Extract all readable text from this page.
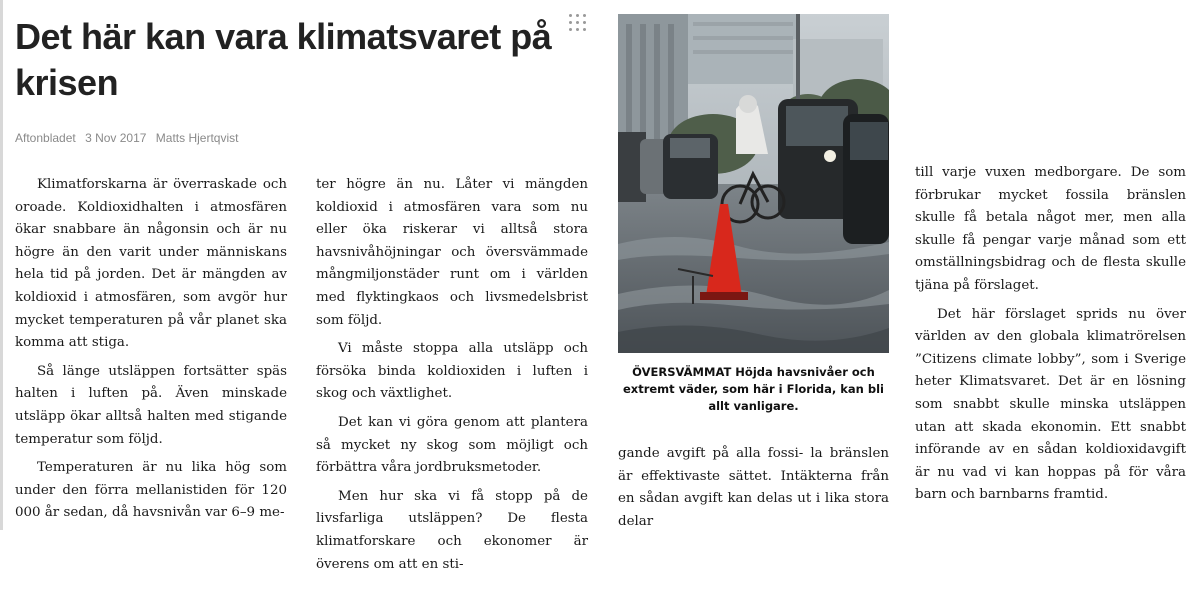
Det här kan vara klimatsvaret på krisen
Aftonbladet 3 Nov 2017 Matts Hjertqvist

Klimatforskarna är överraskade och oroade. Koldioxidhalten i atmosfären ökar snabbare än någonsin och är nu högre än den varit under människans hela tid på jorden. Det är mängden av koldioxid i atmosfären, som avgör hur mycket temperaturen på vår planet ska komma att stiga.

Så länge utsläppen fortsätter späs halten i luften på. Även minskade utsläpp ökar alltså halten med stigande temperatur som följd.

Temperaturen är nu lika hög som under den förra mellanistiden för 120 000 år sedan, då havsnivån var 6–9 me-

ter högre än nu. Låter vi mängden koldioxid i atmosfären vara som nu eller öka riskerar vi alltså stora havsnivåhöjningar och översvämmade mångmiljonstäder runt om i världen med flyktingkaos och livsmedelsbrist som följd.

Vi måste stoppa alla utsläpp och försöka binda koldioxiden i luften i skog och växtlighet.

Det kan vi göra genom att plantera så mycket ny skog som möjligt och förbättra våra jordbruksmetoder.

Men hur ska vi få stopp på de livsfarliga utsläppen? De flesta klimatforskare och ekonomer är överens om att en sti-

ÖVERSVÄMMAT Höjda havsnivåer och extremt väder, som här i Florida, kan bli allt vanligare.

gande avgift på alla fossi- la bränslen är effektivaste sättet. Intäkterna från en sådan avgift kan delas ut i lika stora delar

till varje vuxen medborgare. De som förbrukar mycket fossila bränslen skulle få betala något mer, men alla skulle få pengar varje månad som ett omställningsbidrag och de flesta skulle tjäna på förslaget.

Det här förslaget sprids nu över världen av den globala klimatrörelsen ”Citizens climate lobby”, som i Sverige heter Klimatsvaret. Det är en lösning som snabbt skulle minska utsläppen utan att skada ekonomin. Ett snabbt införande av en sådan koldioxidavgift är nu vad vi kan hoppas på för våra barn och barnbarns framtid.
